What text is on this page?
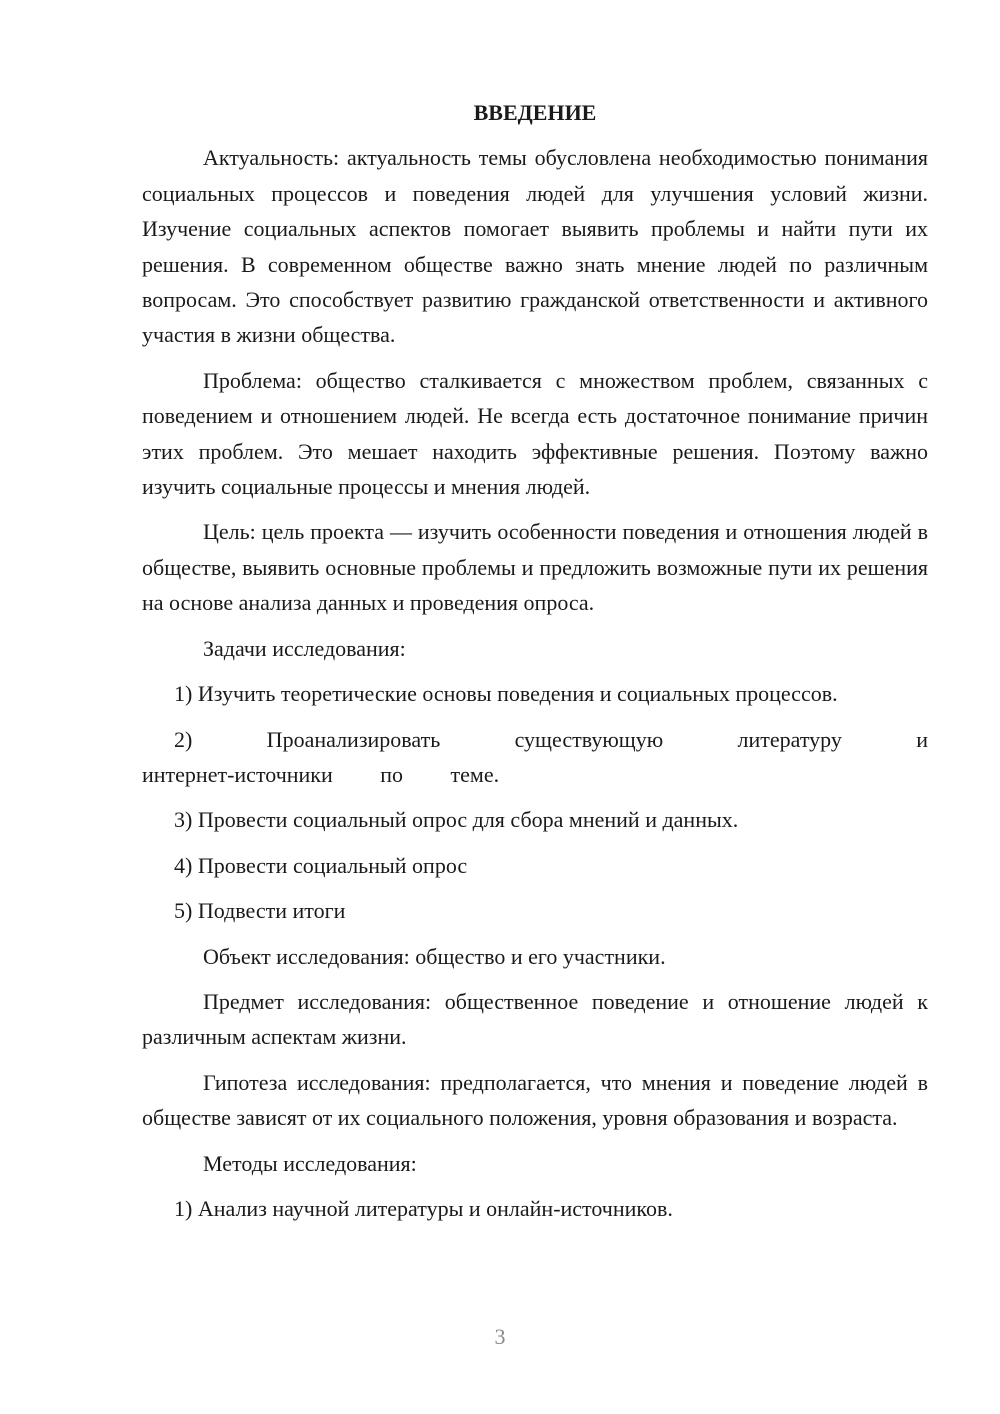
ВВЕДЕНИЕ

Актуальность: актуальность темы обусловлена необходимостью понимания социальных процессов и поведения людей для улучшения условий жизни. Изучение социальных аспектов помогает выявить проблемы и найти пути их решения. В современном обществе важно знать мнение людей по различным вопросам. Это способствует развитию гражданской ответственности и активного участия в жизни общества.

Проблема: общество сталкивается с множеством проблем, связанных с поведением и отношением людей. Не всегда есть достаточное понимание причин этих проблем. Это мешает находить эффективные решения. Поэтому важно изучить социальные процессы и мнения людей.

Цель: цель проекта — изучить особенности поведения и отношения людей в обществе, выявить основные проблемы и предложить возможные пути их решения на основе анализа данных и проведения опроса.

Задачи исследования:

1) Изучить теоретические основы поведения и социальных процессов.

2) Проанализировать существующую литературу и интернет-источники по теме.

3) Провести социальный опрос для сбора мнений и данных.

4) Провести социальный опрос

5) Подвести итоги

Объект исследования: общество и его участники.

Предмет исследования: общественное поведение и отношение людей к различным аспектам жизни.

Гипотеза исследования: предполагается, что мнения и поведение людей в обществе зависят от их социального положения, уровня образования и возраста.

Методы исследования:

1) Анализ научной литературы и онлайн-источников.

3
